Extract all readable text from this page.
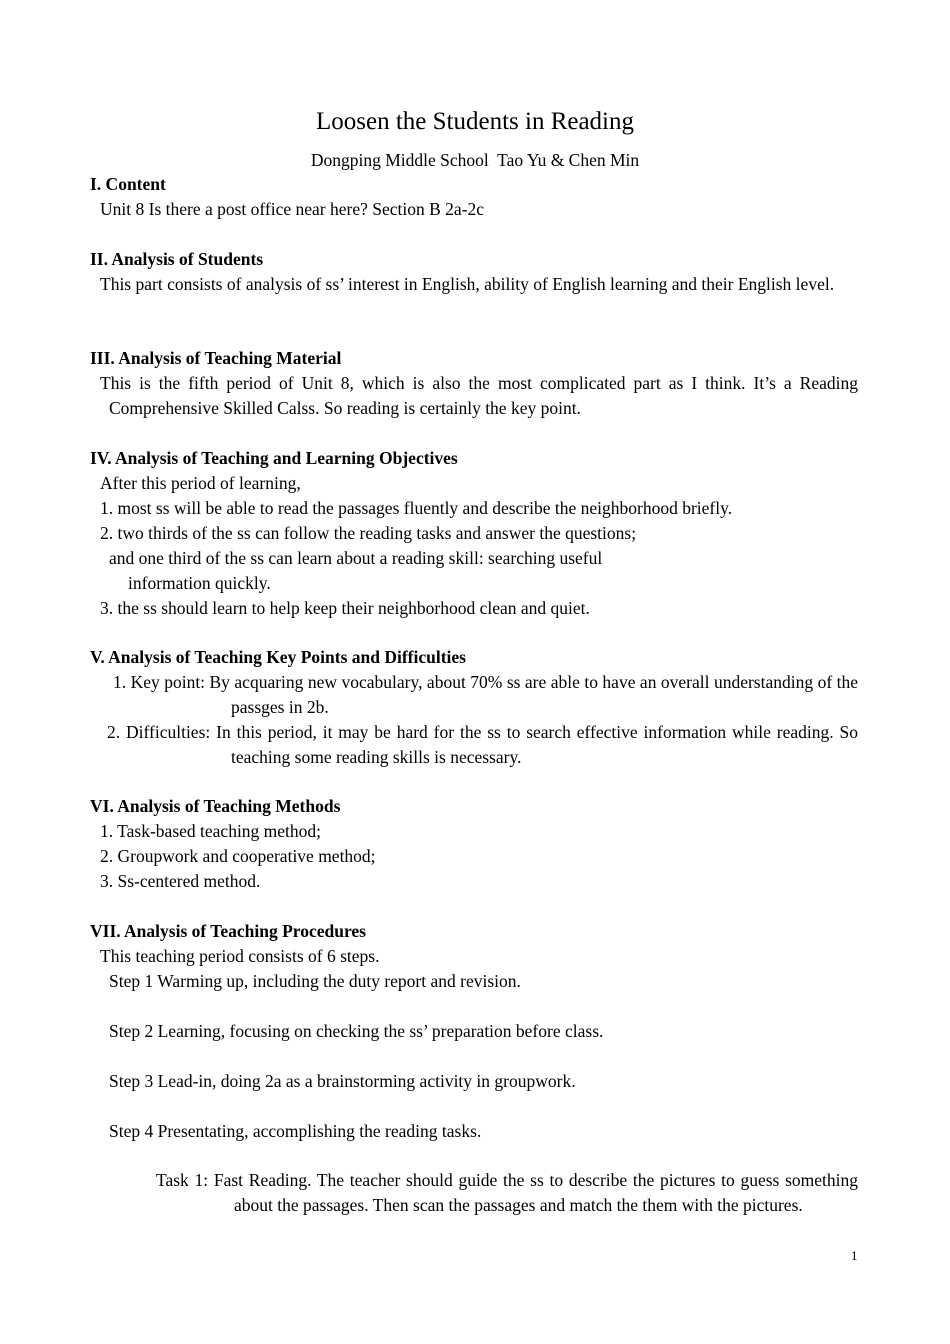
Loosen the Students in Reading
Dongping Middle School  Tao Yu & Chen Min
I. Content
Unit 8 Is there a post office near here? Section B 2a-2c
II. Analysis of Students
This part consists of analysis of ss’ interest in English, ability of English learning and their English level.
III. Analysis of Teaching Material
This is the fifth period of Unit 8, which is also the most complicated part as I think. It’s a Reading Comprehensive Skilled Calss. So reading is certainly the key point.
IV. Analysis of Teaching and Learning Objectives
After this period of learning,
1. most ss will be able to read the passages fluently and describe the neighborhood briefly.
2. two thirds of the ss can follow the reading tasks and answer the questions;
and one third of the ss can learn about a reading skill: searching useful
information quickly.
3. the ss should learn to help keep their neighborhood clean and quiet.
V. Analysis of Teaching Key Points and Difficulties
1. Key point: By acquaring new vocabulary, about 70% ss are able to have an overall understanding of the passges in 2b.
2. Difficulties: In this period, it may be hard for the ss to search effective information while reading. So teaching some reading skills is necessary.
VI. Analysis of Teaching Methods
1. Task-based teaching method;
2. Groupwork and cooperative method;
3. Ss-centered method.
VII. Analysis of Teaching Procedures
This teaching period consists of 6 steps.
Step 1 Warming up, including the duty report and revision.
Step 2 Learning, focusing on checking the ss’ preparation before class.
Step 3 Lead-in, doing 2a as a brainstorming activity in groupwork.
Step 4 Presentating, accomplishing the reading tasks.
Task 1: Fast Reading. The teacher should guide the ss to describe the pictures to guess something about the passages. Then scan the passages and match the them with the pictures.
1
